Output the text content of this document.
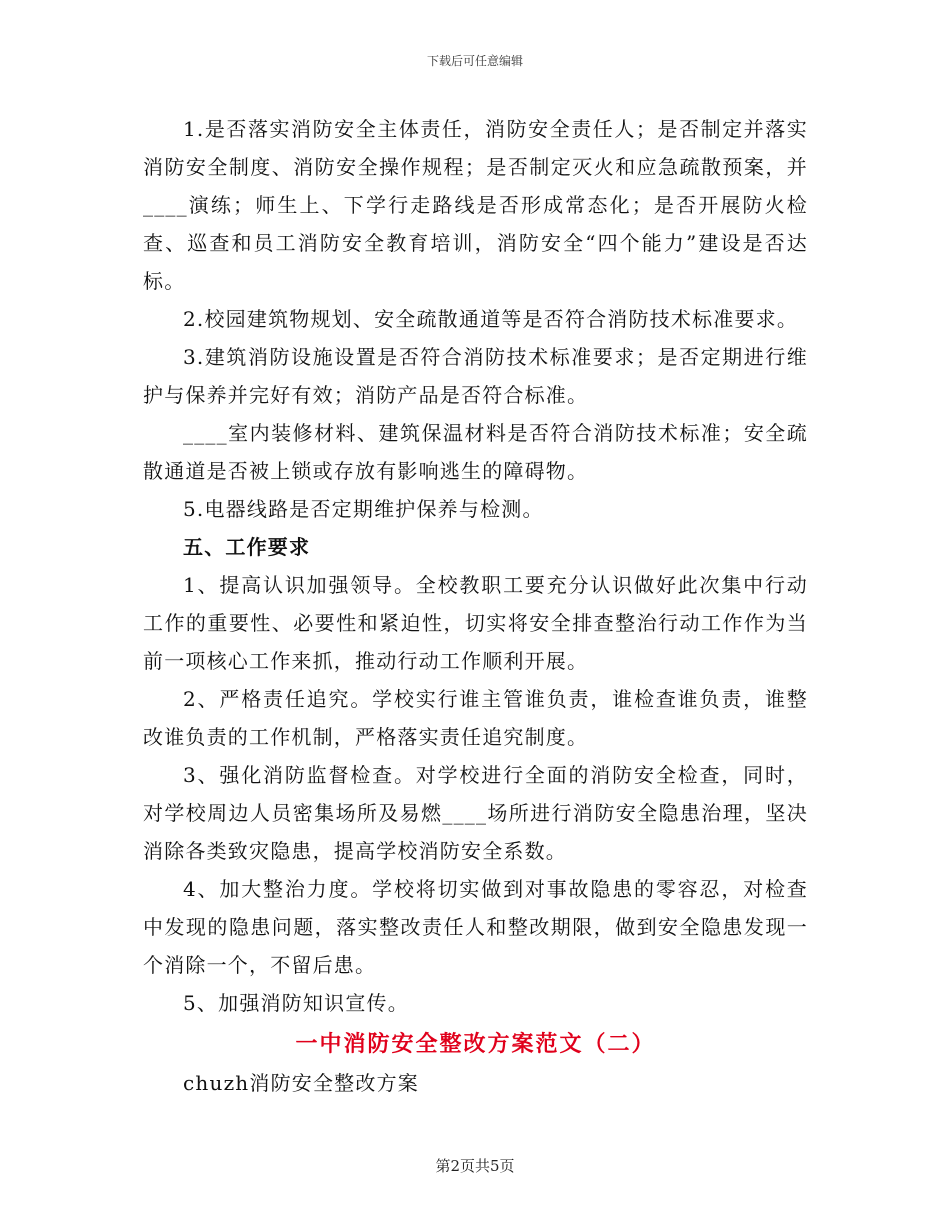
下载后可任意编辑

1.是否落实消防安全主体责任，消防安全责任人；是否制定并落实消防安全制度、消防安全操作规程；是否制定灭火和应急疏散预案，并____演练；师生上、下学行走路线是否形成常态化；是否开展防火检查、巡查和员工消防安全教育培训，消防安全“四个能力”建设是否达标。

2.校园建筑物规划、安全疏散通道等是否符合消防技术标准要求。

3.建筑消防设施设置是否符合消防技术标准要求；是否定期进行维护与保养并完好有效；消防产品是否符合标准。

____室内装修材料、建筑保温材料是否符合消防技术标准；安全疏散通道是否被上锁或存放有影响逃生的障碍物。

5.电器线路是否定期维护保养与检测。

五、工作要求

1、提高认识加强领导。全校教职工要充分认识做好此次集中行动工作的重要性、必要性和紧迫性，切实将安全排查整治行动工作作为当前一项核心工作来抓，推动行动工作顺利开展。

2、严格责任追究。学校实行谁主管谁负责，谁检查谁负责，谁整改谁负责的工作机制，严格落实责任追究制度。

3、强化消防监督检查。对学校进行全面的消防安全检查，同时，对学校周边人员密集场所及易燃____场所进行消防安全隐患治理，坚决消除各类致灾隐患，提高学校消防安全系数。

4、加大整治力度。学校将切实做到对事故隐患的零容忍，对检查中发现的隐患问题，落实整改责任人和整改期限，做到安全隐患发现一个消除一个，不留后患。

5、加强消防知识宣传。

一中消防安全整改方案范文（二）

chuzh消防安全整改方案

第2页共5页
